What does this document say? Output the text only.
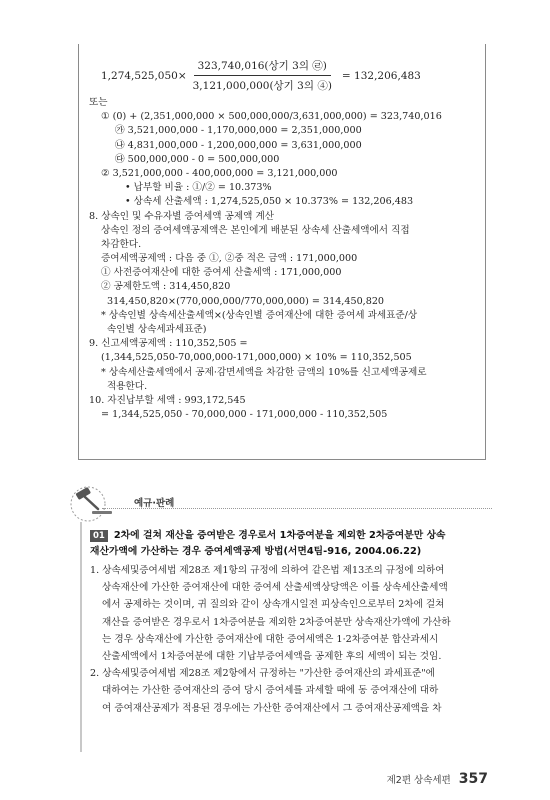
$1,274,525,050\times \frac{\text{323,740,016(상기 3의 ㉣)}}{\text{3,121,000,000(상기 3의 ④)}} = 132,206,483$
또는
① (0) + (2,351,000,000 × 500,000,000/3,631,000,000) = 323,740,016
㉮ 3,521,000,000 - 1,170,000,000 = 2,351,000,000
㉯ 4,831,000,000 - 1,200,000,000 = 3,631,000,000
㉰ 500,000,000 - 0 = 500,000,000
② 3,521,000,000 - 400,000,000 = 3,121,000,000
• 납부할 비율 : ①/② = 10.373%
• 상속세 산출세액 : 1,274,525,050 × 10.373% = 132,206,483
8. 상속인 및 수유자별 증여세액 공제액 계산
상속인 정의 증여세액공제액은 본인에게 배분된 상속세 산출세액에서 직접
차감한다.
증여세액공제액 : 다음 중 ①, ②중 적은 금액 : 171,000,000
① 사전증여재산에 대한 증여세 산출세액 : 171,000,000
② 공제한도액 : 314,450,820
314,450,820×(770,000,000/770,000,000) = 314,450,820
* 상속인별 상속세산출세액×(상속인별 증여재산에 대한 증여세 과세표준/상
속인별 상속세과세표준)
9. 신고세액공제액 : 110,352,505 =
(1,344,525,050-70,000,000-171,000,000) × 10% = 110,352,505
* 상속세산출세액에서 공제·감면세액을 차감한 금액의 10%를 신고세액공제로
적용한다.
10. 자진납부할 세액 : 993,172,545
= 1,344,525,050 - 70,000,000 - 171,000,000 - 110,352,505
예규·판례
01 2차에 걸쳐 재산을 증여받은 경우로서 1차증여분을 제외한 2차증여분만 상속
재산가액에 가산하는 경우 증여세액공제 방법(서면4팀-916, 2004.06.22)
1. 상속세및증여세법 제28조 제1항의 규정에 의하여 같은법 제13조의 규정에 의하여
상속재산에 가산한 증여재산에 대한 증여세 산출세액상당액은 이를 상속세산출세액
에서 공제하는 것이며, 귀 질의와 같이 상속개시일전 피상속인으로부터 2차에 걸쳐
재산을 증여받은 경우로서 1차증여분을 제외한 2차증여분만 상속재산가액에 가산하
는 경우 상속재산에 가산한 증여재산에 대한 증여세액은 1·2차증여분 합산과세시
산출세액에서 1차증여분에 대한 기납부증여세액을 공제한 후의 세액이 되는 것임.
2. 상속세및증여세법 제28조 제2항에서 규정하는 "가산한 증여재산의 과세표준"에
대하여는 가산한 증여재산의 증여 당시 증여세를 과세할 때에 동 증여재산에 대하
여 증여재산공제가 적용된 경우에는 가산한 증여재산에서 그 증여재산공제액을 차
제2편 상속세편 357
